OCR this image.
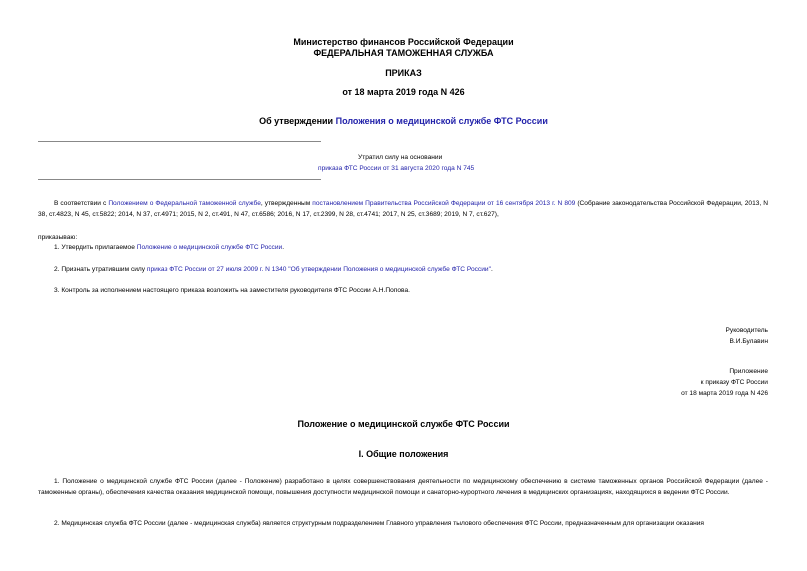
Министерство финансов Российской Федерации
ФЕДЕРАЛЬНАЯ ТАМОЖЕННАЯ СЛУЖБА
ПРИКАЗ
от 18 марта 2019 года N 426
Об утверждении Положения о медицинской службе ФТС России
Утратил силу на основании
приказа ФТС России от 31 августа 2020 года N 745
В соответствии с Положением о Федеральной таможенной службе, утвержденным постановлением Правительства Российской Федерации от 16 сентября 2013 г. N 809 (Собрание законодательства Российской Федерации, 2013, N 38, ст.4823, N 45, ст.5822; 2014, N 37, ст.4971; 2015, N 2, ст.491, N 47, ст.6586; 2016, N 17, ст.2399, N 28, ст.4741; 2017, N 25, ст.3689; 2019, N 7, ст.627),
приказываю:
1. Утвердить прилагаемое Положение о медицинской службе ФТС России.
2. Признать утратившим силу приказ ФТС России от 27 июля 2009 г. N 1340 "Об утверждении Положения о медицинской службе ФТС России".
3. Контроль за исполнением настоящего приказа возложить на заместителя руководителя ФТС России А.Н.Попова.
Руководитель
В.И.Булавин
Приложение
к приказу ФТС России
от 18 марта 2019 года N 426
Положение о медицинской службе ФТС России
I. Общие положения
1. Положение о медицинской службе ФТС России (далее - Положение) разработано в целях совершенствования деятельности по медицинскому обеспечению в системе таможенных органов Российской Федерации (далее - таможенные органы), обеспечения качества оказания медицинской помощи, повышения доступности медицинской помощи и санаторно-курортного лечения в медицинских организациях, находящихся в ведении ФТС России.
2. Медицинская служба ФТС России (далее - медицинская служба) является структурным подразделением Главного управления тылового обеспечения ФТС России, предназначенным для организации оказания
